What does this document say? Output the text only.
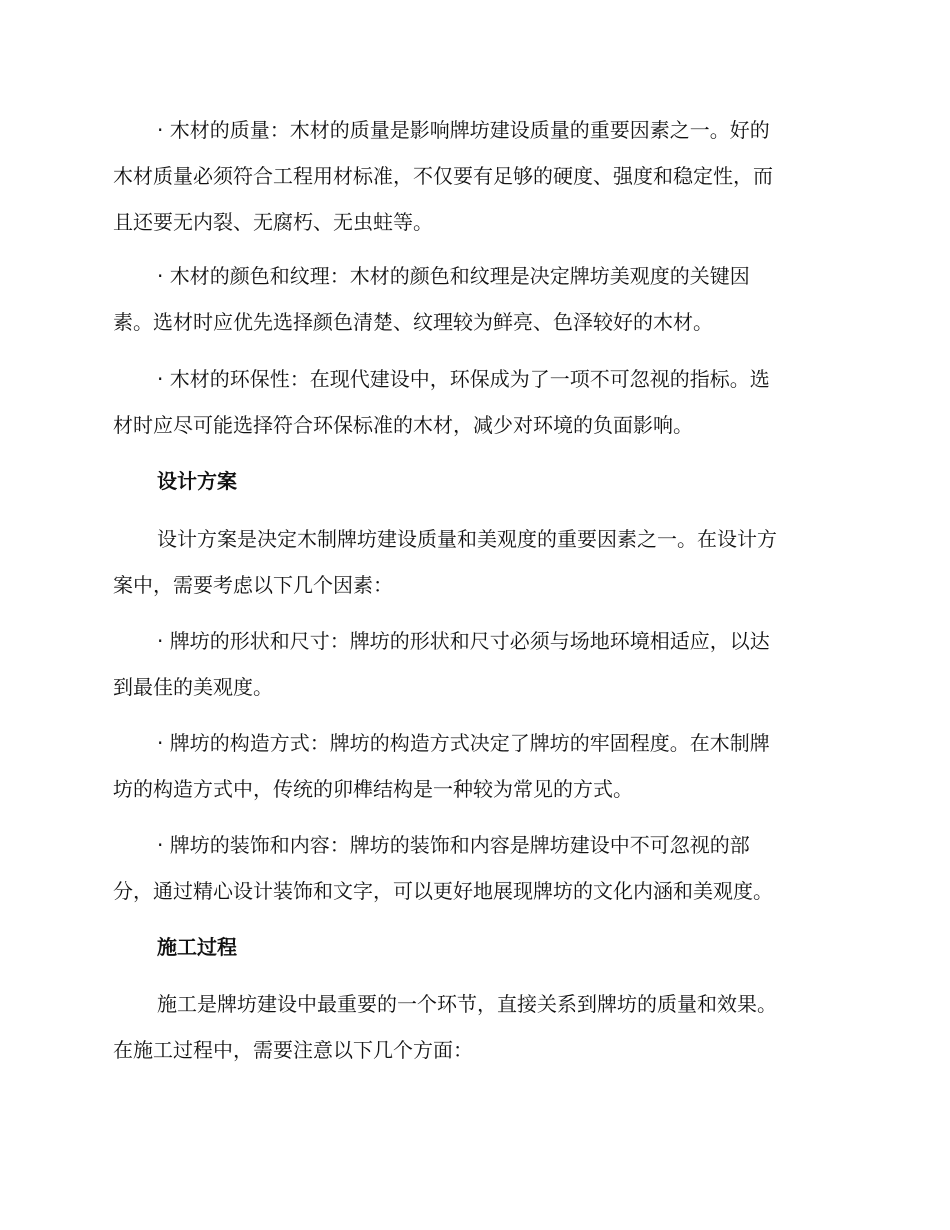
· 木材的质量：木材的质量是影响牌坊建设质量的重要因素之一。好的
木材质量必须符合工程用材标准，不仅要有足够的硬度、强度和稳定性，而
且还要无内裂、无腐朽、无虫蛀等。
· 木材的颜色和纹理：木材的颜色和纹理是决定牌坊美观度的关键因
素。选材时应优先选择颜色清楚、纹理较为鲜亮、色泽较好的木材。
· 木材的环保性：在现代建设中，环保成为了一项不可忽视的指标。选
材时应尽可能选择符合环保标准的木材，减少对环境的负面影响。
设计方案
设计方案是决定木制牌坊建设质量和美观度的重要因素之一。在设计方
案中，需要考虑以下几个因素：
· 牌坊的形状和尺寸：牌坊的形状和尺寸必须与场地环境相适应，以达
到最佳的美观度。
· 牌坊的构造方式：牌坊的构造方式决定了牌坊的牢固程度。在木制牌
坊的构造方式中，传统的卯榫结构是一种较为常见的方式。
· 牌坊的装饰和内容：牌坊的装饰和内容是牌坊建设中不可忽视的部
分，通过精心设计装饰和文字，可以更好地展现牌坊的文化内涵和美观度。
施工过程
施工是牌坊建设中最重要的一个环节，直接关系到牌坊的质量和效果。
在施工过程中，需要注意以下几个方面：
